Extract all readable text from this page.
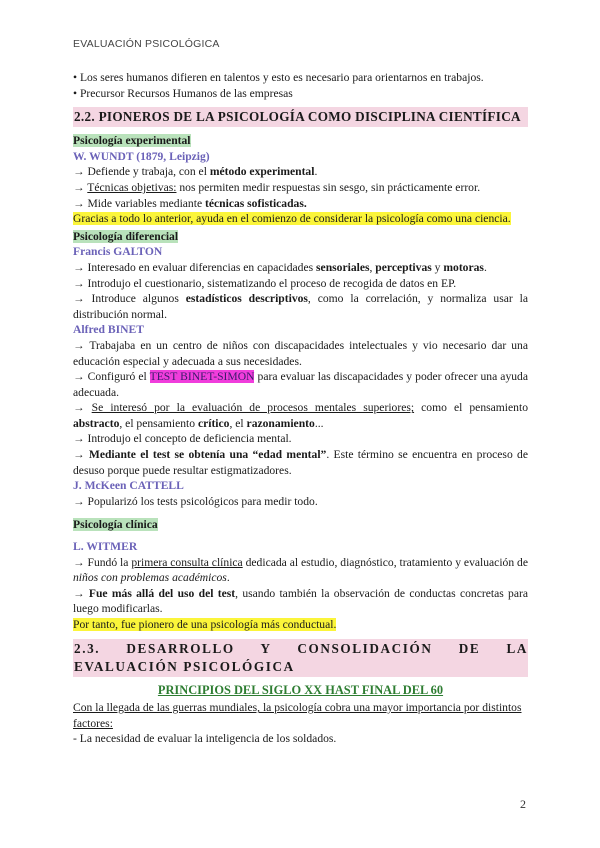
EVALUACIÓN PSICOLÓGICA
• Los seres humanos difieren en talentos y esto es necesario para orientarnos en trabajos.
• Precursor Recursos Humanos de las empresas
2.2. PIONEROS DE LA PSICOLOGÍA COMO DISCIPLINA CIENTÍFICA
Psicología experimental
W. WUNDT (1879, Leipzig)
→ Defiende y trabaja, con el método experimental.
→ Técnicas objetivas: nos permiten medir respuestas sin sesgo, sin prácticamente error.
→ Mide variables mediante técnicas sofisticadas.
Gracias a todo lo anterior, ayuda en el comienzo de considerar la psicología como una ciencia.
Psicología diferencial
Francis GALTON
→ Interesado en evaluar diferencias en capacidades sensoriales, perceptivas y motoras.
→ Introdujo el cuestionario, sistematizando el proceso de recogida de datos en EP.
→ Introduce algunos estadísticos descriptivos, como la correlación, y normaliza usar la distribución normal.
Alfred BINET
→ Trabajaba en un centro de niños con discapacidades intelectuales y vio necesario dar una educación especial y adecuada a sus necesidades.
→ Configuró el TEST BINET-SIMON para evaluar las discapacidades y poder ofrecer una ayuda adecuada.
→ Se interesó por la evaluación de procesos mentales superiores; como el pensamiento abstracto, el pensamiento crítico, el razonamiento...
→ Introdujo el concepto de deficiencia mental.
→ Mediante el test se obtenía una “edad mental”. Este término se encuentra en proceso de desuso porque puede resultar estigmatizadores.
J. McKeen CATTELL
→ Popularizó los tests psicológicos para medir todo.
Psicología clínica
L. WITMER
→ Fundó la primera consulta clínica dedicada al estudio, diagnóstico, tratamiento y evaluación de niños con problemas académicos.
→ Fue más allá del uso del test, usando también la observación de conductas concretas para luego modificarlas.
Por tanto, fue pionero de una psicología más conductual.
2.3. DESARROLLO Y CONSOLIDACIÓN DE LA EVALUACIÓN PSICOLÓGICA
PRINCIPIOS DEL SIGLO XX HAST FINAL DEL 60
Con la llegada de las guerras mundiales, la psicología cobra una mayor importancia por distintos factores:
- La necesidad de evaluar la inteligencia de los soldados.
2
